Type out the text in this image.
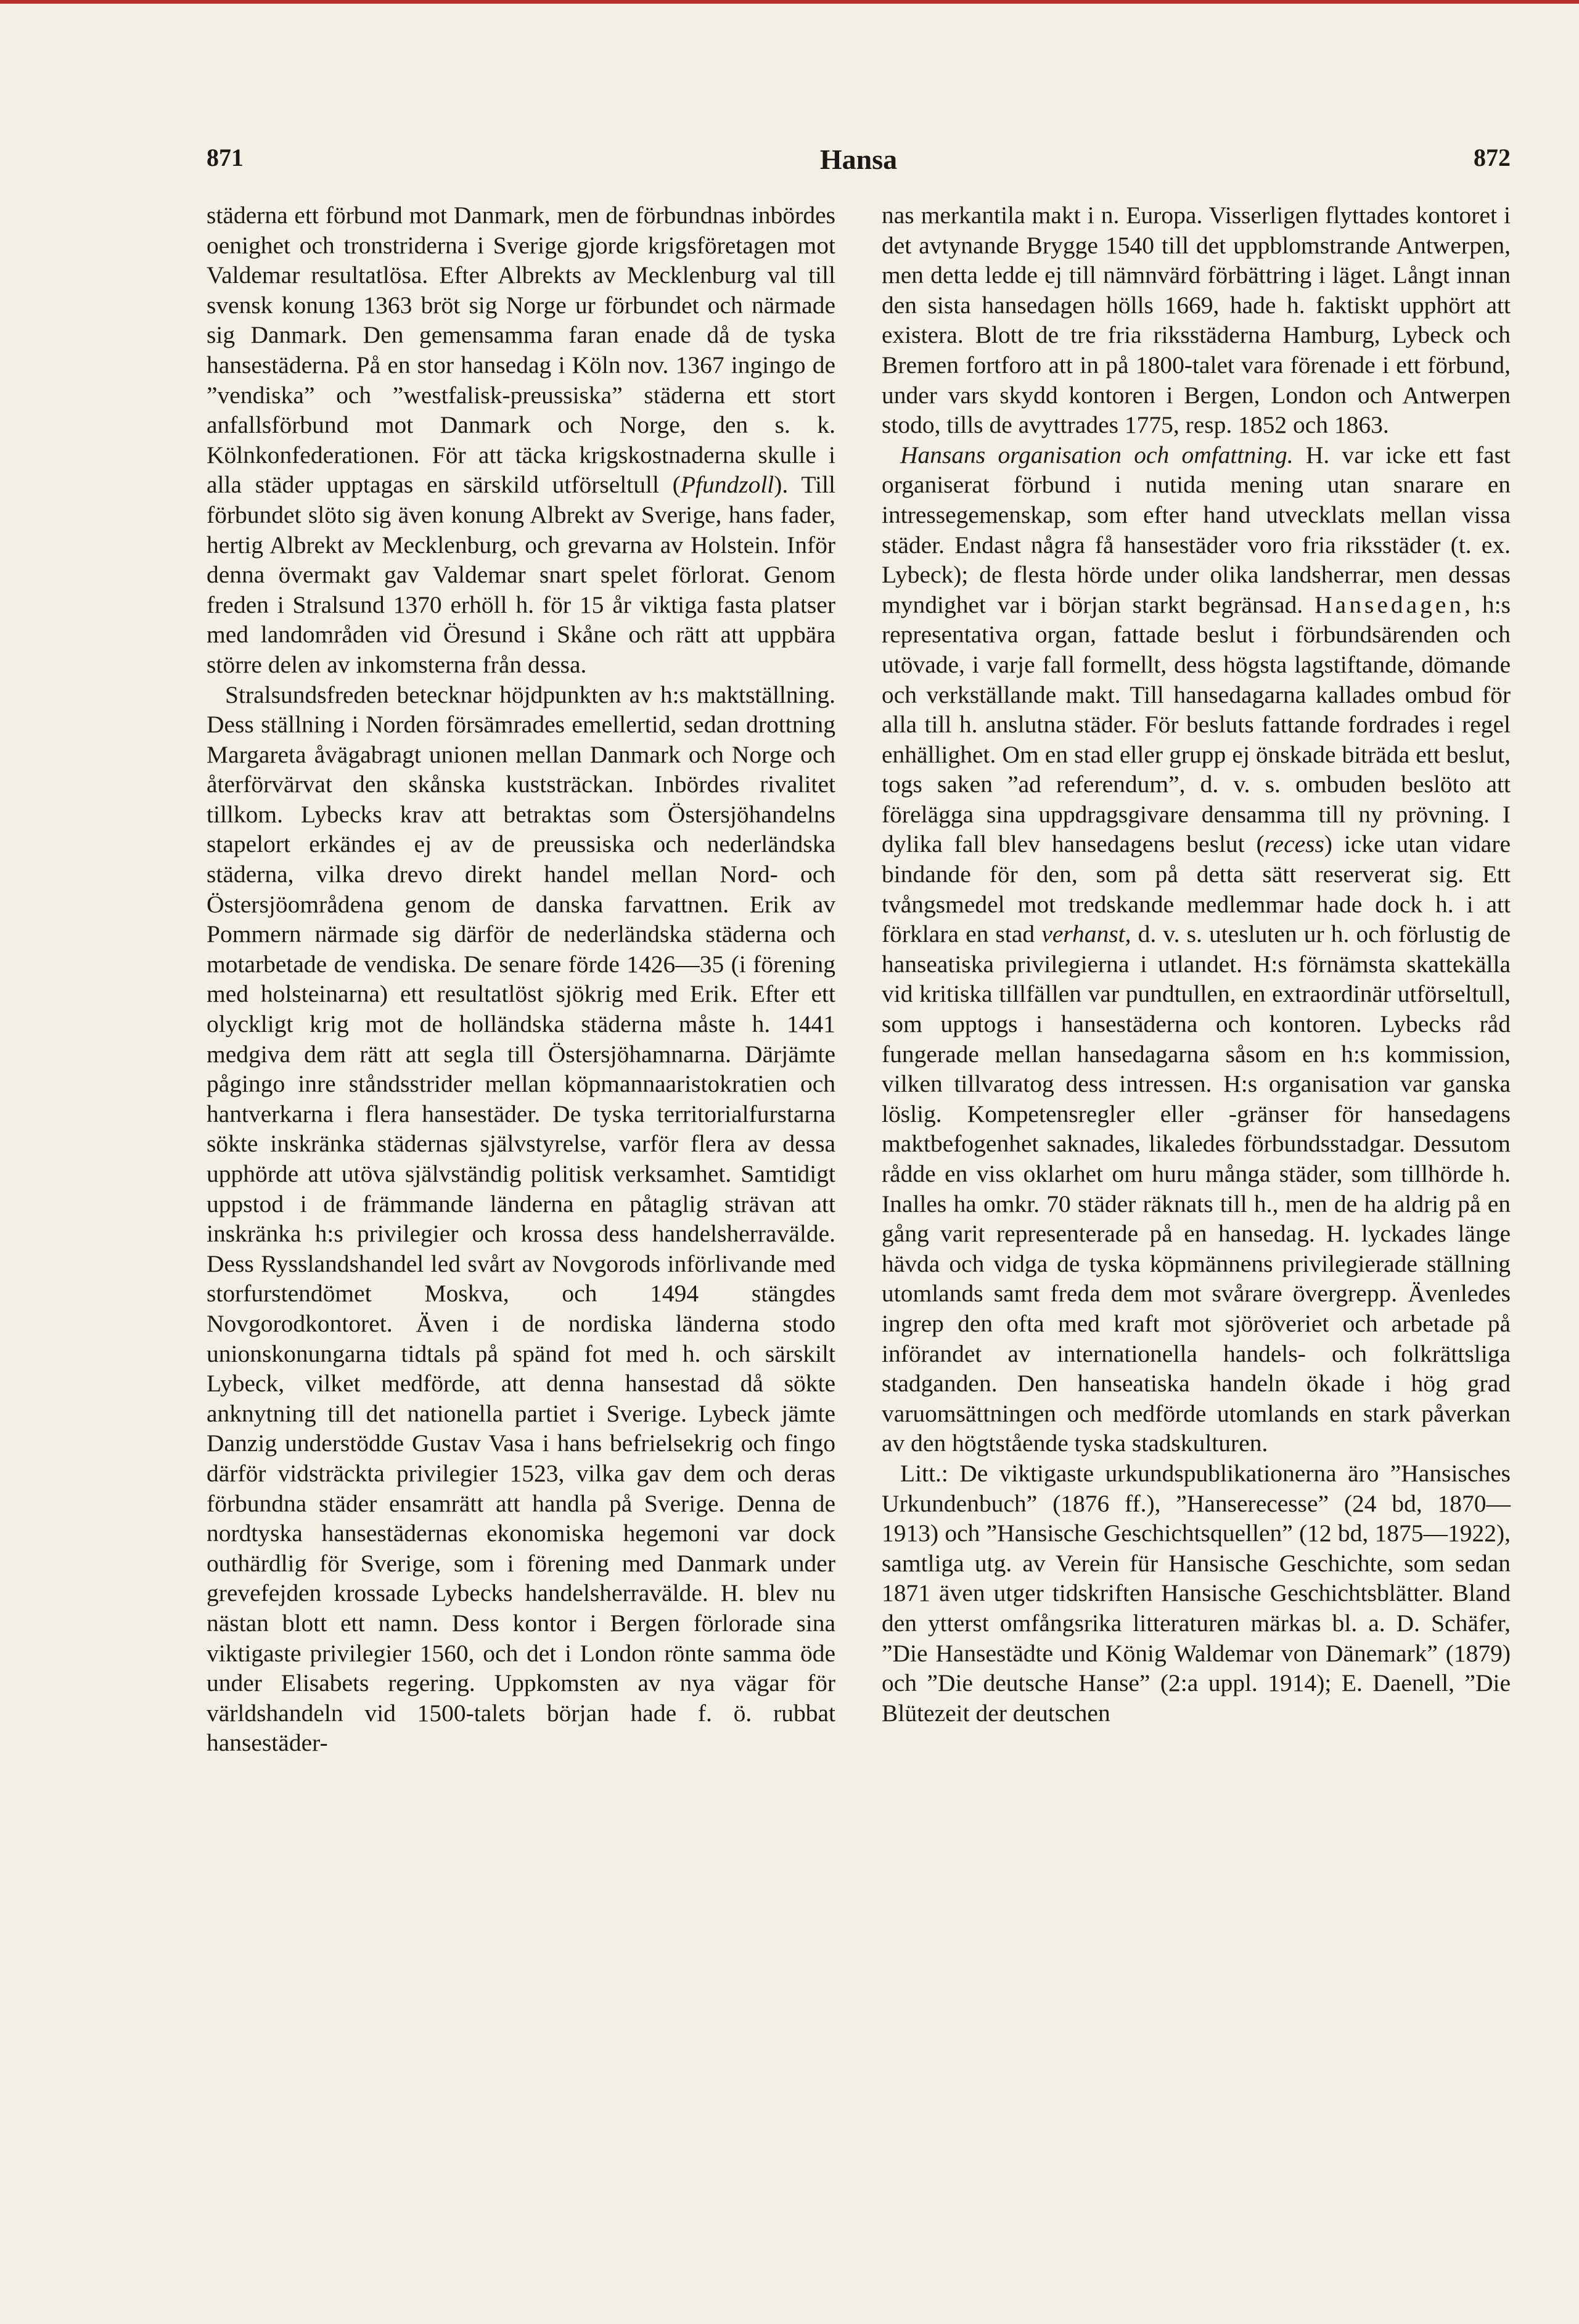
871	Hansa	872

städerna ett förbund mot Danmark, men de förbundnas inbördes oenighet och tronstriderna i Sverige gjorde krigsföretagen mot Valdemar resultatlösa. Efter Albrekts av Mecklenburg val till svensk konung 1363 bröt sig Norge ur förbundet och närmade sig Danmark. Den gemensamma faran enade då de tyska hansestäderna. På en stor hansedag i Köln nov. 1367 ingingo de ”vendiska” och ”westfalisk-preussiska” städerna ett stort anfallsförbund mot Danmark och Norge, den s. k. Kölnkonfederationen. För att täcka krigskostnaderna skulle i alla städer upptagas en särskild utförseltull (Pfundzoll). Till förbundet slöto sig även konung Albrekt av Sverige, hans fader, hertig Albrekt av Mecklenburg, och grevarna av Holstein. Inför denna övermakt gav Valdemar snart spelet förlorat. Genom freden i Stralsund 1370 erhöll h. för 15 år viktiga fasta platser med landområden vid Öresund i Skåne och rätt att uppbära större delen av inkomsterna från dessa.

Stralsundsfreden betecknar höjdpunkten av h:s maktställning. Dess ställning i Norden försämrades emellertid, sedan drottning Margareta åvägabragt unionen mellan Danmark och Norge och återförvärvat den skånska kuststräckan. Inbördes rivalitet tillkom. Lybecks krav att betraktas som Östersjöhandelns stapelort erkändes ej av de preussiska och nederländska städerna, vilka drevo direkt handel mellan Nord- och Östersjöområdena genom de danska farvattnen. Erik av Pommern närmade sig därför de nederländska städerna och motarbetade de vendiska. De senare förde 1426—35 (i förening med holsteinarna) ett resultatlöst sjökrig med Erik. Efter ett olyckligt krig mot de holländska städerna måste h. 1441 medgiva dem rätt att segla till Östersjöhamnarna. Därjämte pågingo inre ståndsstrider mellan köpmannaaristokratien och hantverkarna i flera hansestäder. De tyska territorialfurstarna sökte inskränka städernas självstyrelse, varför flera av dessa upphörde att utöva självständig politisk verksamhet. Samtidigt uppstod i de främmande länderna en påtaglig strävan att inskränka h:s privilegier och krossa dess handelsherravälde. Dess Rysslandshandel led svårt av Novgorods införlivande med storfurstendömet Moskva, och 1494 stängdes Novgorodkontoret. Även i de nordiska länderna stodo unionskonungarna tidtals på spänd fot med h. och särskilt Lybeck, vilket medförde, att denna hansestad då sökte anknytning till det nationella partiet i Sverige. Lybeck jämte Danzig understödde Gustav Vasa i hans befrielsekrig och fingo därför vidsträckta privilegier 1523, vilka gav dem och deras förbundna städer ensamrätt att handla på Sverige. Denna de nordtyska hansestädernas ekonomiska hegemoni var dock outhärdlig för Sverige, som i förening med Danmark under grevefejden krossade Lybecks handelsherravälde. H. blev nu nästan blott ett namn. Dess kontor i Bergen förlorade sina viktigaste privilegier 1560, och det i London rönte samma öde under Elisabets regering. Uppkomsten av nya vägar för världshandeln vid 1500-talets början hade f. ö. rubbat hansestäder-

nas merkantila makt i n. Europa. Visserligen flyttades kontoret i det avtynande Brygge 1540 till det uppblomstrande Antwerpen, men detta ledde ej till nämnvärd förbättring i läget. Långt innan den sista hansedagen hölls 1669, hade h. faktiskt upphört att existera. Blott de tre fria riksstäderna Hamburg, Lybeck och Bremen fortforo att in på 1800-talet vara förenade i ett förbund, under vars skydd kontoren i Bergen, London och Antwerpen stodo, tills de avyttrades 1775, resp. 1852 och 1863.

Hansans organisation och omfattning. H. var icke ett fast organiserat förbund i nutida mening utan snarare en intressegemenskap, som efter hand utvecklats mellan vissa städer. Endast några få hansestäder voro fria riksstäder (t. ex. Lybeck); de flesta hörde under olika landsherrar, men dessas myndighet var i början starkt begränsad. Hansedagen, h:s representativa organ, fattade beslut i förbundsärenden och utövade, i varje fall formellt, dess högsta lagstiftande, dömande och verkställande makt. Till hansedagarna kallades ombud för alla till h. anslutna städer. För besluts fattande fordrades i regel enhällighet. Om en stad eller grupp ej önskade biträda ett beslut, togs saken ”ad referendum”, d. v. s. ombuden beslöto att förelägga sina uppdragsgivare densamma till ny prövning. I dylika fall blev hansedagens beslut (recess) icke utan vidare bindande för den, som på detta sätt reserverat sig. Ett tvångsmedel mot tredskande medlemmar hade dock h. i att förklara en stad verhanst, d. v. s. utesluten ur h. och förlustig de hanseatiska privilegierna i utlandet. H:s förnämsta skattekälla vid kritiska tillfällen var pundtullen, en extraordinär utförseltull, som upptogs i hansestäderna och kontoren. Lybecks råd fungerade mellan hansedagarna såsom en h:s kommission, vilken tillvaratog dess intressen. H:s organisation var ganska löslig. Kompetensregler eller -gränser för hansedagens maktbefogenhet saknades, likaledes förbundsstadgar. Dessutom rådde en viss oklarhet om huru många städer, som tillhörde h. Inalles ha omkr. 70 städer räknats till h., men de ha aldrig på en gång varit representerade på en hansedag. H. lyckades länge hävda och vidga de tyska köpmännens privilegierade ställning utomlands samt freda dem mot svårare övergrepp. Ävenledes ingrep den ofta med kraft mot sjöröveriet och arbetade på införandet av internationella handels- och folkrättsliga stadganden. Den hanseatiska handeln ökade i hög grad varuomsättningen och medförde utomlands en stark påverkan av den högtstående tyska stadskulturen.

Litt.: De viktigaste urkundspublikationerna äro ”Hansisches Urkundenbuch” (1876 ff.), ”Hanserecesse” (24 bd, 1870—1913) och ”Hansische Geschichtsquellen” (12 bd, 1875—1922), samtliga utg. av Verein für Hansische Geschichte, som sedan 1871 även utger tidskriften Hansische Geschichtsblätter. Bland den ytterst omfångsrika litteraturen märkas bl. a. D. Schäfer, ”Die Hansestädte und König Waldemar von Dänemark” (1879) och ”Die deutsche Hanse” (2:a uppl. 1914); E. Daenell, ”Die Blütezeit der deutschen
